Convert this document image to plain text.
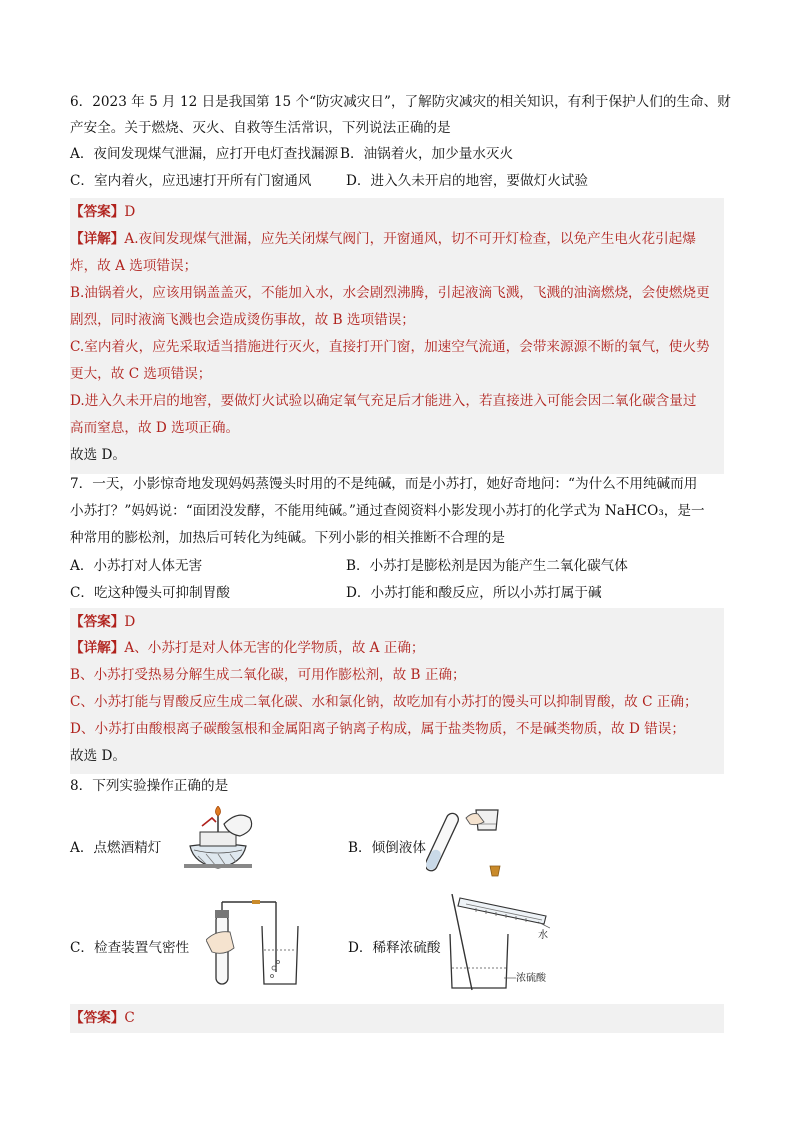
6．2023 年 5 月 12 日是我国第 15 个“防灾减灾日”，了解防灾减灾的相关知识，有利于保护人们的生命、财
产安全。关于燃烧、灭火、自救等生活常识，下列说法正确的是
A．夜间发现煤气泄漏，应打开电灯查找漏源 B．油锅着火，加少量水灭火
C．室内着火，应迅速打开所有门窗通风	D．进入久未开启的地窖，要做灯火试验
【答案】D
【详解】A.夜间发现煤气泄漏，应先关闭煤气阀门，开窗通风，切不可开灯检查，以免产生电火花引起爆
炸，故 A 选项错误；
B.油锅着火，应该用锅盖盖灭，不能加入水，水会剧烈沸腾，引起液滴飞溅，飞溅的油滴燃烧，会使燃烧更
剧烈，同时液滴飞溅也会造成烫伤事故，故 B 选项错误；
C.室内着火，应先采取适当措施进行灭火，直接打开门窗，加速空气流通，会带来源源不断的氧气，使火势
更大，故 C 选项错误；
D.进入久未开启的地窖，要做灯火试验以确定氧气充足后才能进入，若直接进入可能会因二氧化碳含量过
高而窒息，故 D 选项正确。
故选 D。
7．一天，小影惊奇地发现妈妈蒸馒头时用的不是纯碱，而是小苏打，她好奇地问：“为什么不用纯碱而用
小苏打？”妈妈说：“面团没发酵，不能用纯碱。”通过查阅资料小影发现小苏打的化学式为 NaHCO₃，是一
种常用的膨松剂，加热后可转化为纯碱。下列小影的相关推断不合理的是
A．小苏打对人体无害	B．小苏打是膨松剂是因为能产生二氧化碳气体
C．吃这种馒头可抑制胃酸	D．小苏打能和酸反应，所以小苏打属于碱
【答案】D
【详解】A、小苏打是对人体无害的化学物质，故 A 正确；
B、小苏打受热易分解生成二氧化碳，可用作膨松剂，故 B 正确；
C、小苏打能与胃酸反应生成二氧化碳、水和氯化钠，故吃加有小苏打的馒头可以抑制胃酸，故 C 正确；
D、小苏打由酸根离子碳酸氢根和金属阳离子钠离子构成，属于盐类物质，不是碱类物质，故 D 错误；
故选 D。
8．下列实验操作正确的是
A．点燃酒精灯	B．倾倒液体
C．检查装置气密性	D．稀释浓硫酸
水
浓硫酸
【答案】C
